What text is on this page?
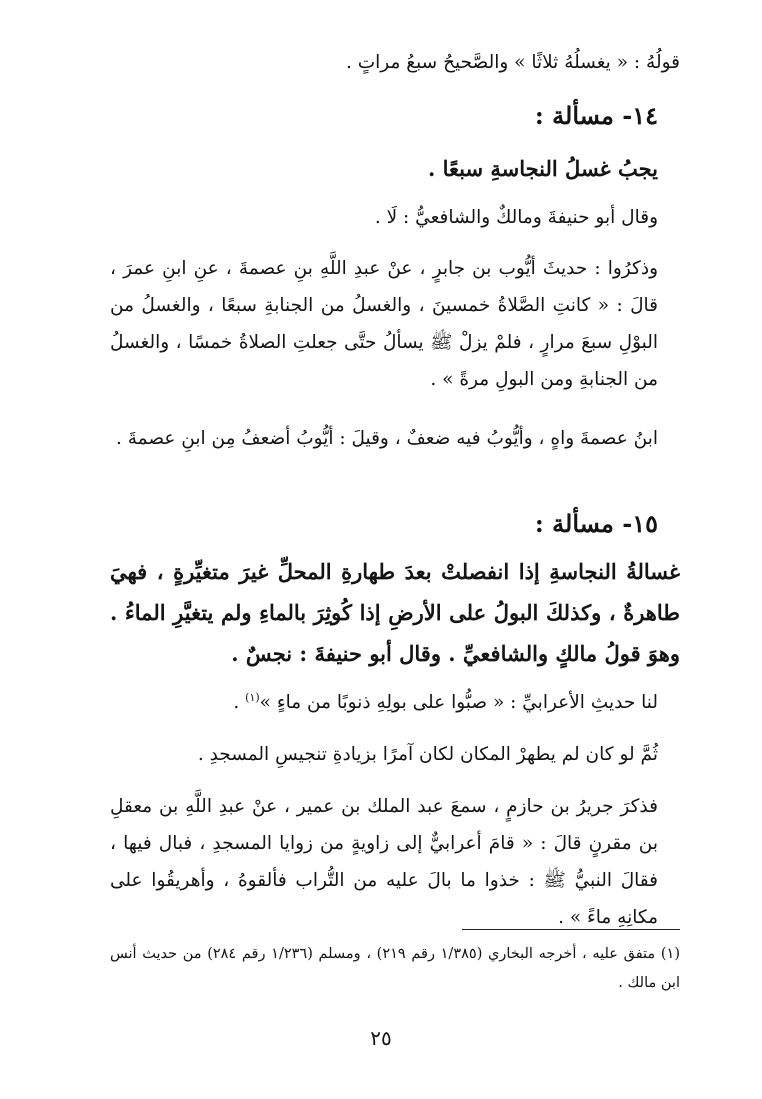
قولُهُ : « يغسلُهُ ثلاثًا » والصَّحيحُ سبعُ مراتٍ .

١٤- مسألة :

يجبُ غسلُ النجاسةِ سبعًا .

وقال أبو حنيفةَ ومالكٌ والشافعيُّ : لَا .

وذكرُوا : حديثَ أيُّوب بن جابرٍ ، عنْ عبدِ اللَّهِ بنِ عصمةَ ، عنِ ابنِ عمرَ ، قالَ : « كانتِ الصَّلاةُ خمسينَ ، والغسلُ من الجنابةِ سبعًا ، والغسلُ من البوْلِ سبعَ مرارٍ ، فلمْ يزلْ ﷺ يسألُ حتَّى جعلتِ الصلاةُ خمسًا ، والغسلُ من الجنابةِ ومن البولِ مرةً » .

ابنُ عصمةَ واهٍ ، وأيُّوبُ فيه ضعفٌ ، وقيلَ : أيُّوبُ أضعفُ مِن ابنِ عصمةَ .

١٥- مسألة :

غسالةُ النجاسةِ إذا انفصلتْ بعدَ طهارةِ المحلِّ غيرَ متغيِّرةٍ ، فهيَ طاهرةٌ ، وكذلكَ البولُ على الأرضِ إذا كُوثِرَ بالماءِ ولم يتغيَّرِ الماءُ . وهوَ قولُ مالكٍ والشافعيِّ . وقال أبو حنيفةَ : نجسٌ .

لنا حديثِ الأعرابيِّ : « صبُّوا على بولِهِ ذنوبًا من ماءٍ »$^{(١)}$ .

ثُمَّ لو كان لم يطهرْ المكان لكان آمرًا بزيادةِ تنجيسِ المسجدِ .

فذكرَ جريرُ بن حازمٍ ، سمعَ عبد الملك بن عمير ، عنْ عبدِ اللَّهِ بن معقلِ بن مقرنٍ قالَ : « قامَ أعرابيٌّ إلى زاويةٍ من زوايا المسجدِ ، فبال فيها ، فقالَ النبيُّ ﷺ : خذوا ما بالَ عليه من التُّراب فألقوهُ ، وأهريقُوا على مكانِهِ ماءً » .

(١) متفق عليه ، أخرجه البخاري (١/٣٨٥ رقم ٢١٩) ، ومسلم (١/٢٣٦ رقم ٢٨٤) من حديث أنس ابن مالك .

٢٥
